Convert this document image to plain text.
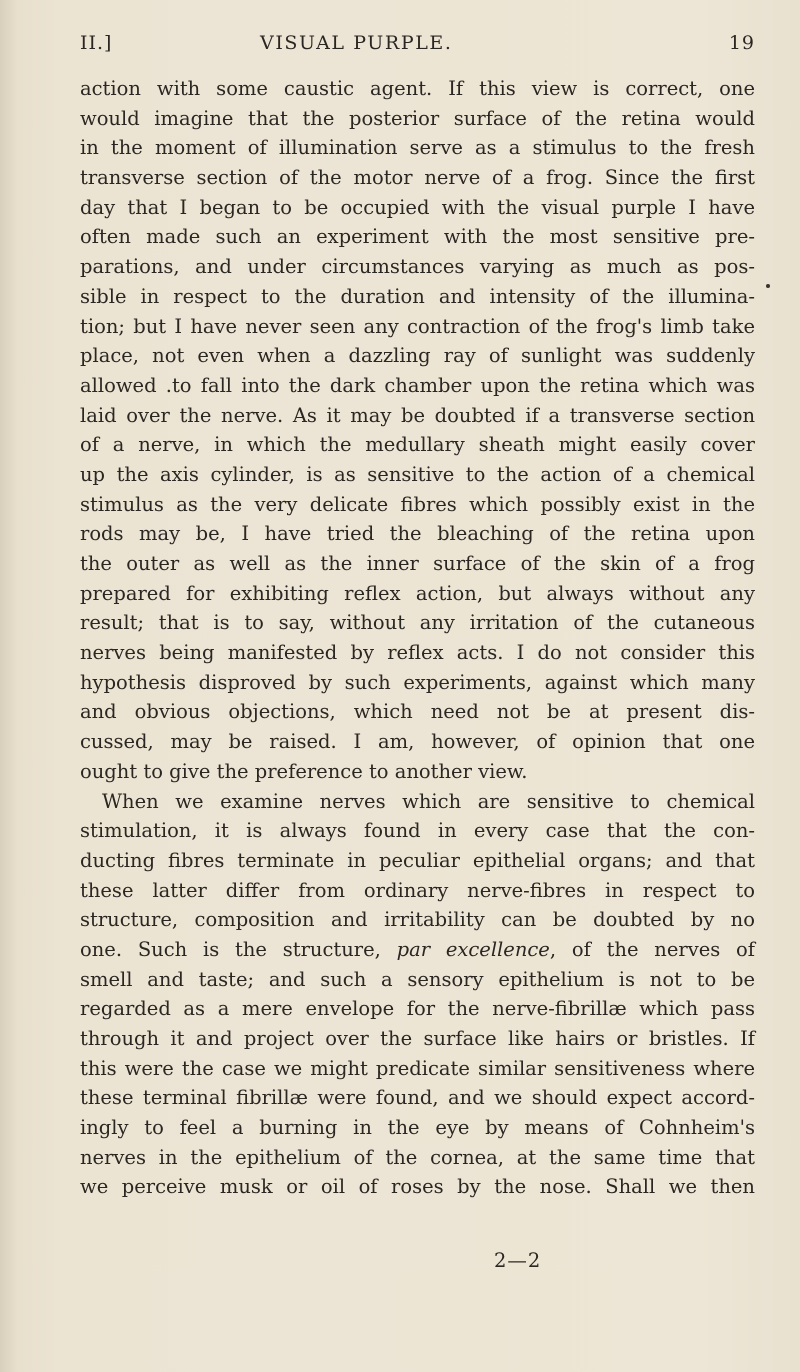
II.]	VISUAL PURPLE.	19
action with some caustic agent. If this view is correct, one
would imagine that the posterior surface of the retina would
in the moment of illumination serve as a stimulus to the fresh
transverse section of the motor nerve of a frog. Since the first
day that I began to be occupied with the visual purple I have
often made such an experiment with the most sensitive pre-
parations, and under circumstances varying as much as pos-
sible in respect to the duration and intensity of the illumina-
tion; but I have never seen any contraction of the frog's limb take
place, not even when a dazzling ray of sunlight was suddenly
allowed .to fall into the dark chamber upon the retina which was
laid over the nerve. As it may be doubted if a transverse section
of a nerve, in which the medullary sheath might easily cover
up the axis cylinder, is as sensitive to the action of a chemical
stimulus as the very delicate fibres which possibly exist in the
rods may be, I have tried the bleaching of the retina upon
the outer as well as the inner surface of the skin of a frog
prepared for exhibiting reflex action, but always without any
result; that is to say, without any irritation of the cutaneous
nerves being manifested by reflex acts. I do not consider this
hypothesis disproved by such experiments, against which many
and obvious objections, which need not be at present dis-
cussed, may be raised. I am, however, of opinion that one
ought to give the preference to another view.
When we examine nerves which are sensitive to chemical
stimulation, it is always found in every case that the con-
ducting fibres terminate in peculiar epithelial organs; and that
these latter differ from ordinary nerve-fibres in respect to
structure, composition and irritability can be doubted by no
one. Such is the structure, par excellence, of the nerves of
smell and taste; and such a sensory epithelium is not to be
regarded as a mere envelope for the nerve-fibrillæ which pass
through it and project over the surface like hairs or bristles. If
this were the case we might predicate similar sensitiveness where
these terminal fibrillæ were found, and we should expect accord-
ingly to feel a burning in the eye by means of Cohnheim's
nerves in the epithelium of the cornea, at the same time that
we perceive musk or oil of roses by the nose. Shall we then
2—2
